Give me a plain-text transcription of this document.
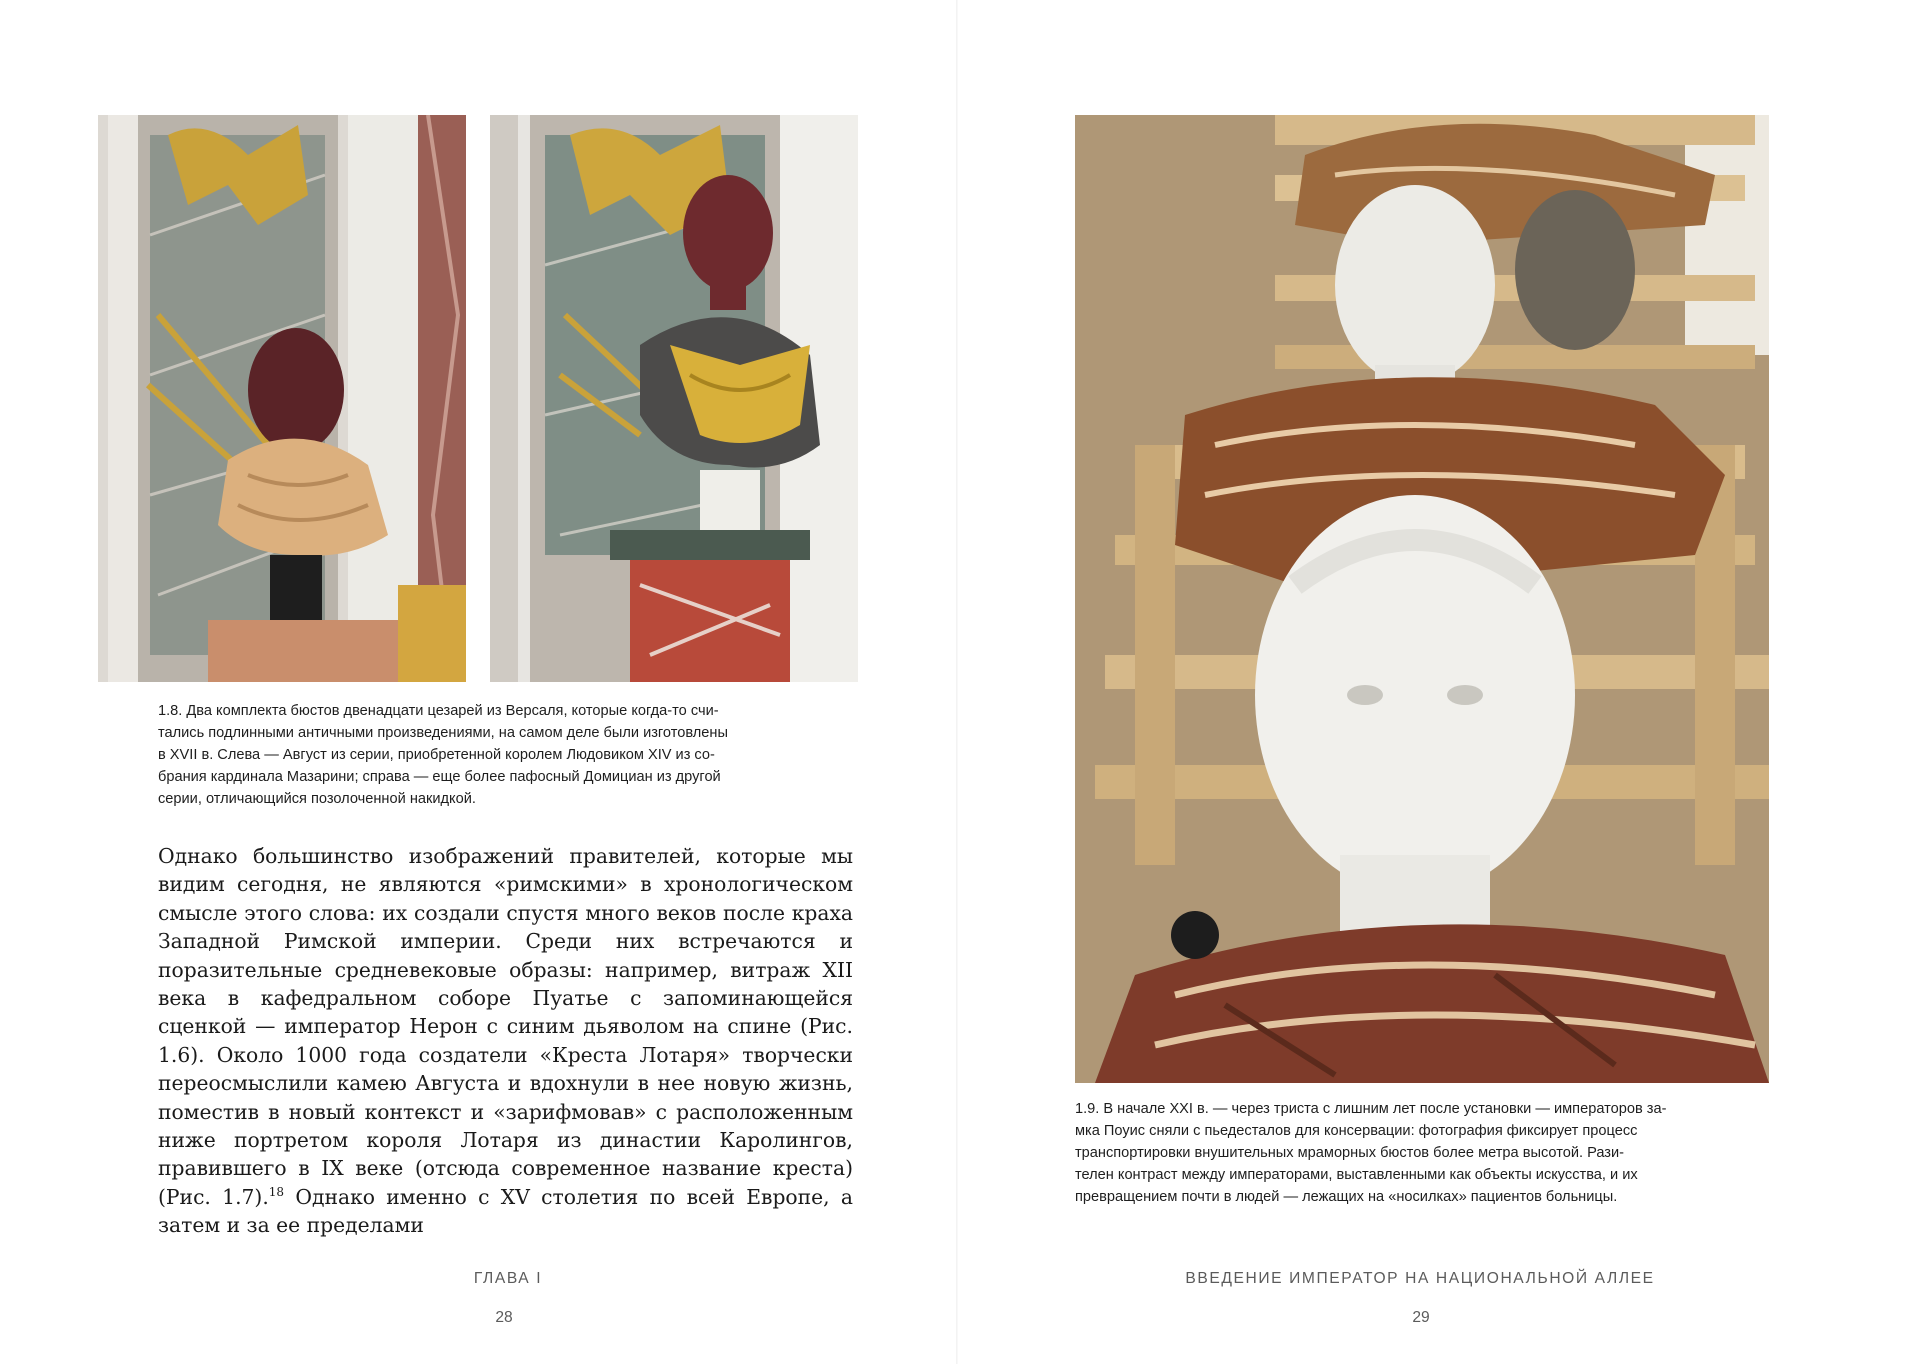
1.8. Два комплекта бюстов двенадцати цезарей из Версаля, которые когда-то счи-

тались подлинными античными произведениями, на самом деле были изготовлены

в XVII в. Слева — Август из серии, приобретенной королем Людовиком XIV из со-

брания кардинала Мазарини; справа — еще более пафосный Домициан из другой

серии, отличающийся позолоченной накидкой.

Однако большинство изображений правителей, которые мы видим сегодня, не являются «римскими» в хронологическом смысле этого слова: их создали спустя много веков после краха Западной Римской империи. Среди них встречаются и поразительные средневековые образы: например, витраж XII века в кафедральном соборе Пуатье с запоминающейся сценкой — император Нерон с синим дьяволом на спине (Рис. 1.6). Около 1000 года создатели «Креста Лотаря» творчески переосмыслили камею Августа и вдохнули в нее новую жизнь, поместив в новый контекст и «зарифмовав» с расположенным ниже портретом короля Лотаря из династии Каролингов, правившего в IX веке (отсюда современное название креста) (Рис. 1.7).$^{18}$ Однако именно с XV столетия по всей Европе, а затем и за ее пределами

ГЛАВА I
28

1.9. В начале XXI в. — через триста с лишним лет после установки — императоров за-

мка Поуис сняли с пьедесталов для консервации: фотография фиксирует процесс

транспортировки внушительных мраморных бюстов более метра высотой. Рази-

телен контраст между императорами, выставленными как объекты искусства, и их

превращением почти в людей — лежащих на «носилках» пациентов больницы.

ВВЕДЕНИЕ ИМПЕРАТОР НА НАЦИОНАЛЬНОЙ АЛЛЕЕ
29
